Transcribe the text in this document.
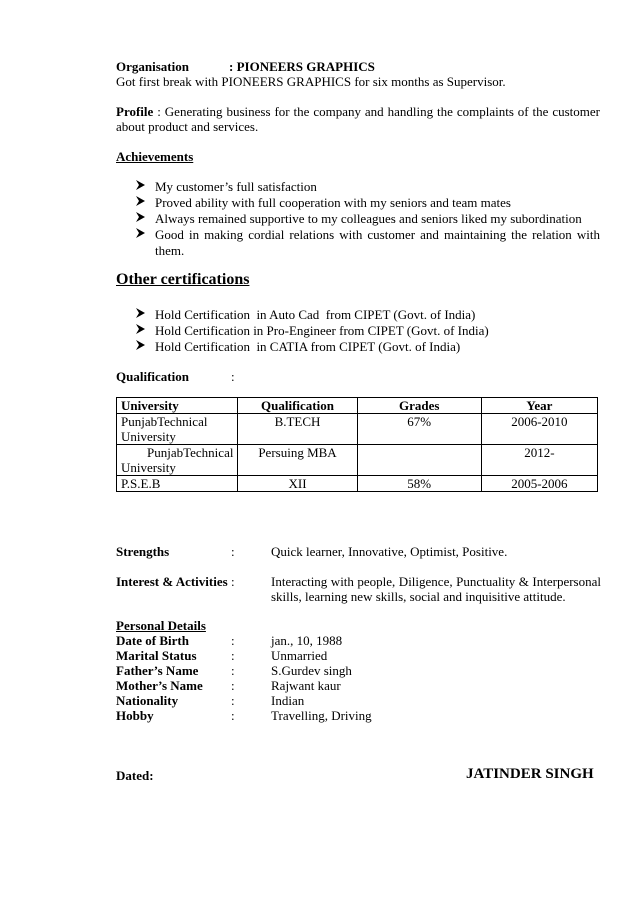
Organisation	: PIONEERS GRAPHICS
Got first break with PIONEERS GRAPHICS for six months as Supervisor.
Profile : Generating business for the company and handling the complaints of the customer about product and services.
Achievements
My customer’s full satisfaction
Proved ability with full cooperation with my seniors and team mates
Always remained supportive to my colleagues and seniors liked my subordination
Good in making cordial relations with customer and maintaining the relation with them.
Other certifications
Hold Certification  in Auto Cad  from CIPET (Govt. of India)
Hold Certification in Pro-Engineer from CIPET (Govt. of India)
Hold Certification  in CATIA from CIPET (Govt. of India)
Qualification	:
University	Qualification	Grades	Year
PunjabTechnical University	B.TECH	67%	2006-2010
PunjabTechnical University	Persuing MBA		2012-
P.S.E.B	XII	58%	2005-2006
Strengths	:	Quick learner, Innovative, Optimist, Positive.
Interest & Activities :	Interacting with people, Diligence, Punctuality & Interpersonal skills, learning new skills, social and inquisitive attitude.
Personal Details
Date of Birth	:	jan., 10, 1988
Marital Status	:	Unmarried
Father’s Name	:	S.Gurdev singh
Mother’s Name :	Rajwant kaur
Nationality	:	Indian
Hobby	:	Travelling, Driving
Dated:	JATINDER SINGH
